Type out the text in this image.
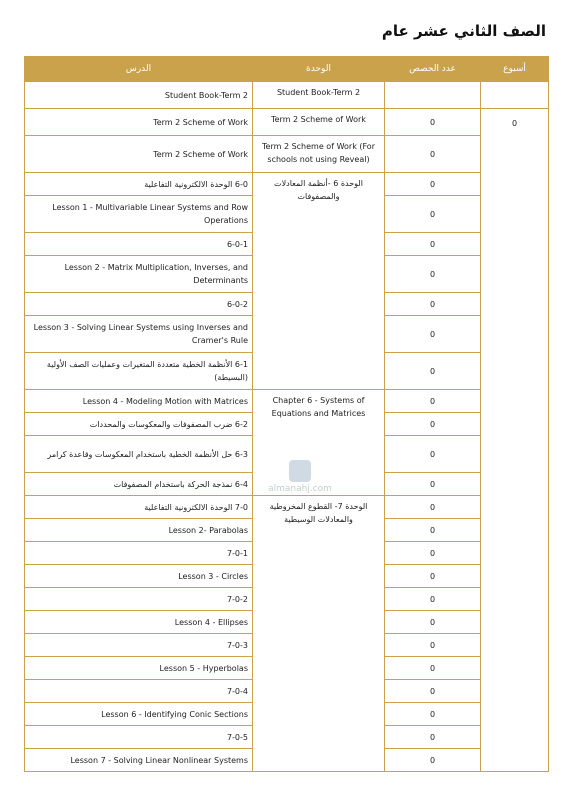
الصف الثاني عشر عام
الدرس	الوحدة	عدد الحصص	أسبوع	
Student Book-Term 2	Student Book-Term 2			
Term 2 Scheme of Work	Term 2 Scheme of Work	0	0	
Term 2 Scheme of Work	Term 2 Scheme of Work (For schools not using Reveal)	0		
6-0 الوحدة الالكترونية التفاعلية	الوحدة 6 -أنظمة المعادلات والمصفوفات	0		
Lesson 1 - Multivariable Linear Systems and Row Operations		0		
6-0-1		0		
Lesson 2 - Matrix Multiplication, Inverses, and Determinants		0		
6-0-2		0		
Lesson 3 - Solving Linear Systems using Inverses and Cramer's Rule		0		
6-1 الأنظمة الخطية متعددة المتغيرات وعمليات الصف الأولية (البسيطة)		0		
Lesson 4 - Modeling Motion with Matrices	Chapter 6 - Systems of Equations and Matrices	0		
6-2 ضرب المصفوفات والمعكوسات والمحددات		0		
6-3 حل الأنظمة الخطية باستخدام المعكوسات وقاعدة كرامر		0		
6-4 نمذجة الحركة باستخدام المصفوفات		0		
7-0 الوحدة الالكترونية التفاعلية	الوحدة 7- القطوع المخروطية والمعادلات الوسيطية	0		
Lesson 2- Parabolas		0		
7-0-1		0		
Lesson 3 - Circles		0		
7-0-2		0		
Lesson 4 - Ellipses		0		
7-0-3		0		
Lesson 5 - Hyperbolas		0		
7-0-4		0		
Lesson 6 - Identifying Conic Sections		0		
7-0-5		0		
Lesson 7 - Solving Linear Nonlinear Systems		0		
almanahj.com
